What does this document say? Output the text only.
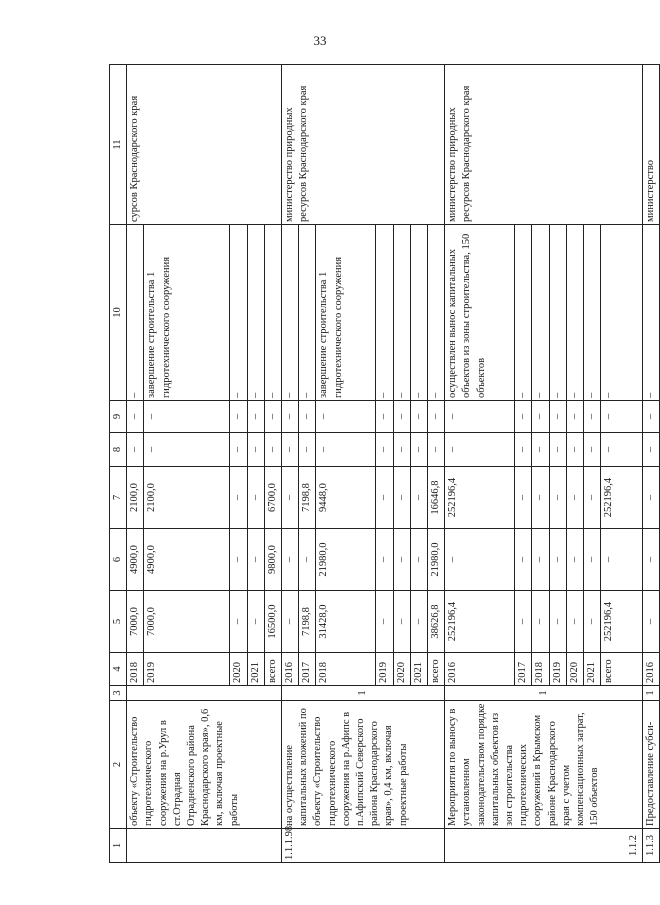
33
1	2	3	4	5	6	7	8	9	10	11
	объекту «Строительство гидротехнического сооружения на р.Урул в ст.Отрадная Отрадненского района Краснодарского края», 0,6 км, включая проектные работы		2018	7000,0	4900,0	2100,0	–	–	–	сурсов Краснодарского края
			2019	7000,0	4900,0	2100,0	–	–	завершение строительства 1 гидротехнического сооружения	
			2020	–	–	–	–	–	–	
			2021	–	–	–	–	–	–	
			всего	16500,0	9800,0	6700,0	–	–	–	
1.1.1.98.	на осуществление капитальных вложений по объекту «Строительство гидротехнического сооружения на р.Афипс в п.Афипский Северского района Краснодарского края», 0,4 км, включая проектные работы	1	2016	–	–	–	–	–	–	министерство природных ресурсов Краснодарского края
			2017	7198,8	–	7198,8	–	–	–	
			2018	31428,0	21980,0	9448,0	–	–	завершение строительства 1 гидротехнического сооружения	
			2019	–	–	–	–	–	–	
			2020	–	–	–	–	–	–	
			2021	–	–	–	–	–	–	
			всего	38626,8	21980,0	16646,8	–	–	–	
1.1.2	Мероприятия по выносу в установленном законодательством порядке капитальных объектов из зон строительства гидротехнических сооружений в Крымском районе Краснодарского края с учетом компенсационных затрат, 150 объектов	1	2016	252196,4	–	252196,4	–	–	осуществлен вынос капитальных объектов из зоны строительства, 150 объектов	министерство природных ресурсов Краснодарского края
			2017	–	–	–	–	–	–	
			2018	–	–	–	–	–	–	
			2019	–	–	–	–	–	–	
			2020	–	–	–	–	–	–	
			2021	–	–	–	–	–	–	
			всего	252196,4	–	252196,4	–	–	–	
1.1.3	Предоставление субси-	1	2016	–	–	–	–	–	–	министерство
